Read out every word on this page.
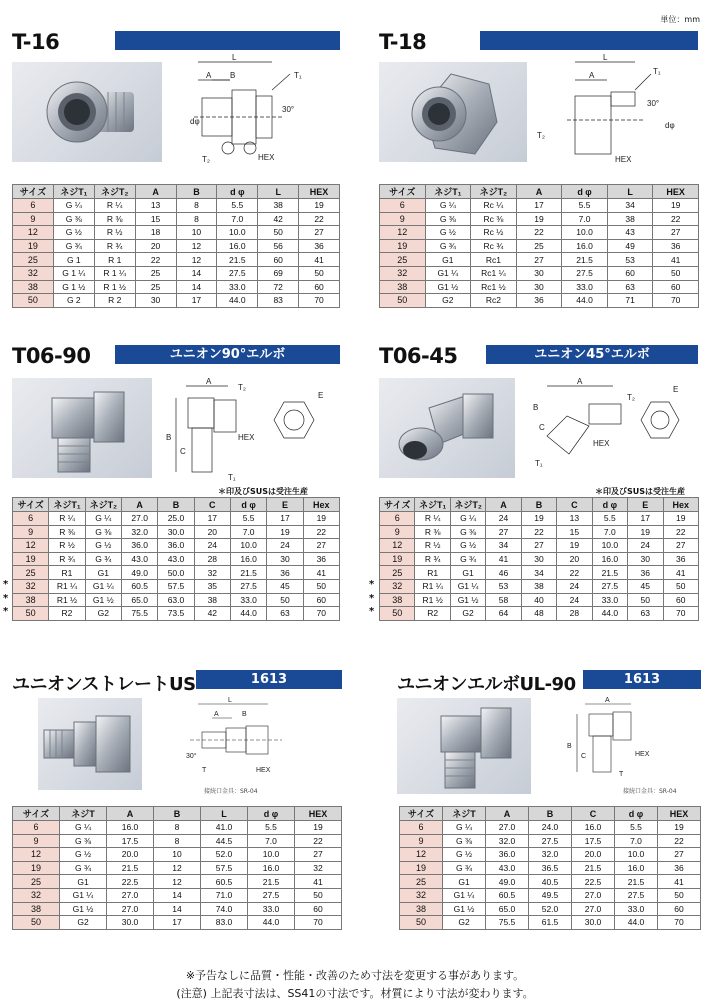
単位：mm
T-16
L
A B	T₁
30°
dφ
T₂	HEX
サイズ	ネジT₁	ネジT₂	A	B	d φ	L	HEX
6	G ¼	R ¼	13	8	5.5	38	19
9	G ⅜	R ⅜	15	8	7.0	42	22
12	G ½	R ½	18	10	10.0	50	27
19	G ¾	R ¾	20	12	16.0	56	36
25	G 1	R 1	22	12	21.5	60	41
32	G 1 ¼	R 1 ¼	25	14	27.5	69	50
38	G 1 ½	R 1 ½	25	14	33.0	72	60
50	G 2	R 2	30	17	44.0	83	70
T-18
L
A	T₁
30°
dφ
T₂
HEX
サイズ	ネジT₁	ネジT₂	A	d φ	L	HEX
6	G ¼	Rc ¼	17	5.5	34	19
9	G ⅜	Rc ⅜	19	7.0	38	22
12	G ½	Rc ½	22	10.0	43	27
19	G ¾	Rc ¾	25	16.0	49	36
25	G1	Rc1	27	21.5	53	41
32	G1 ¼	Rc1 ¼	30	27.5	60	50
38	G1 ½	Rc1 ½	30	33.0	63	60
50	G2	Rc2	36	44.0	71	70
T06-90	ユニオン90°エルボ
A
B
C
T₂
T₁
HEX
E
＊印及びSUSは受注生産
*
*
*
サイズ	ネジT₁	ネジT₂	A	B	C	d φ	E	Hex
6	R ¼	G ¼	27.0	25.0	17	5.5	17	19
9	R ⅜	G ⅜	32.0	30.0	20	7.0	19	22
12	R ½	G ½	36.0	36.0	24	10.0	24	27
19	R ¾	G ¾	43.0	43.0	28	16.0	30	36
25	R1	G1	49.0	50.0	32	21.5	36	41
32	R1 ¼	G1 ¼	60.5	57.5	35	27.5	45	50
38	R1 ½	G1 ½	65.0	63.0	38	33.0	50	60
50	R2	G2	75.5	73.5	42	44.0	63	70
T06-45	ユニオン45°エルボ
A
B
C
T₁
T₂
HEX
E
＊印及びSUSは受注生産
*
*
*
サイズ	ネジT₁	ネジT₂	A	B	C	d φ	E	Hex
6	R ¼	G ¼	24	19	13	5.5	17	19
9	R ⅜	G ⅜	27	22	15	7.0	19	22
12	R ½	G ½	34	27	19	10.0	24	27
19	R ¾	G ¾	41	30	20	16.0	30	36
25	R1	G1	46	34	22	21.5	36	41
32	R1 ¼	G1 ¼	53	38	24	27.5	45	50
38	R1 ½	G1 ½	58	40	24	33.0	50	60
50	R2	G2	64	48	28	44.0	63	70
ユニオンストレートUS	1613
L
A	B
30°
T	HEX
接続口金具：SR-04
サイズ	ネジT	A	B	L	d φ	HEX
6	G ¼	16.0	8	41.0	5.5	19
9	G ⅜	17.5	8	44.5	7.0	22
12	G ½	20.0	10	52.0	10.0	27
19	G ¾	21.5	12	57.5	16.0	32
25	G1	22.5	12	60.5	21.5	41
32	G1 ¼	27.0	14	71.0	27.5	50
38	G1 ½	27.0	14	74.0	33.0	60
50	G2	30.0	17	83.0	44.0	70
ユニオンエルボUL-90	1613
A
B
C
T
HEX
接続口金具：SR-04
サイズ	ネジT	A	B	C	d φ	HEX
6	G ¼	27.0	24.0	16.0	5.5	19
9	G ⅜	32.0	27.5	17.5	7.0	22
12	G ½	36.0	32.0	20.0	10.0	27
19	G ¾	43.0	36.5	21.5	16.0	36
25	G1	49.0	40.5	22.5	21.5	41
32	G1 ¼	60.5	49.5	27.0	27.5	50
38	G1 ½	65.0	52.0	27.0	33.0	60
50	G2	75.5	61.5	30.0	44.0	70
※予告なしに品質・性能・改善のため寸法を変更する事があります。
(注意) 上記表寸法は、SS41の寸法です。材質により寸法が変わります。
